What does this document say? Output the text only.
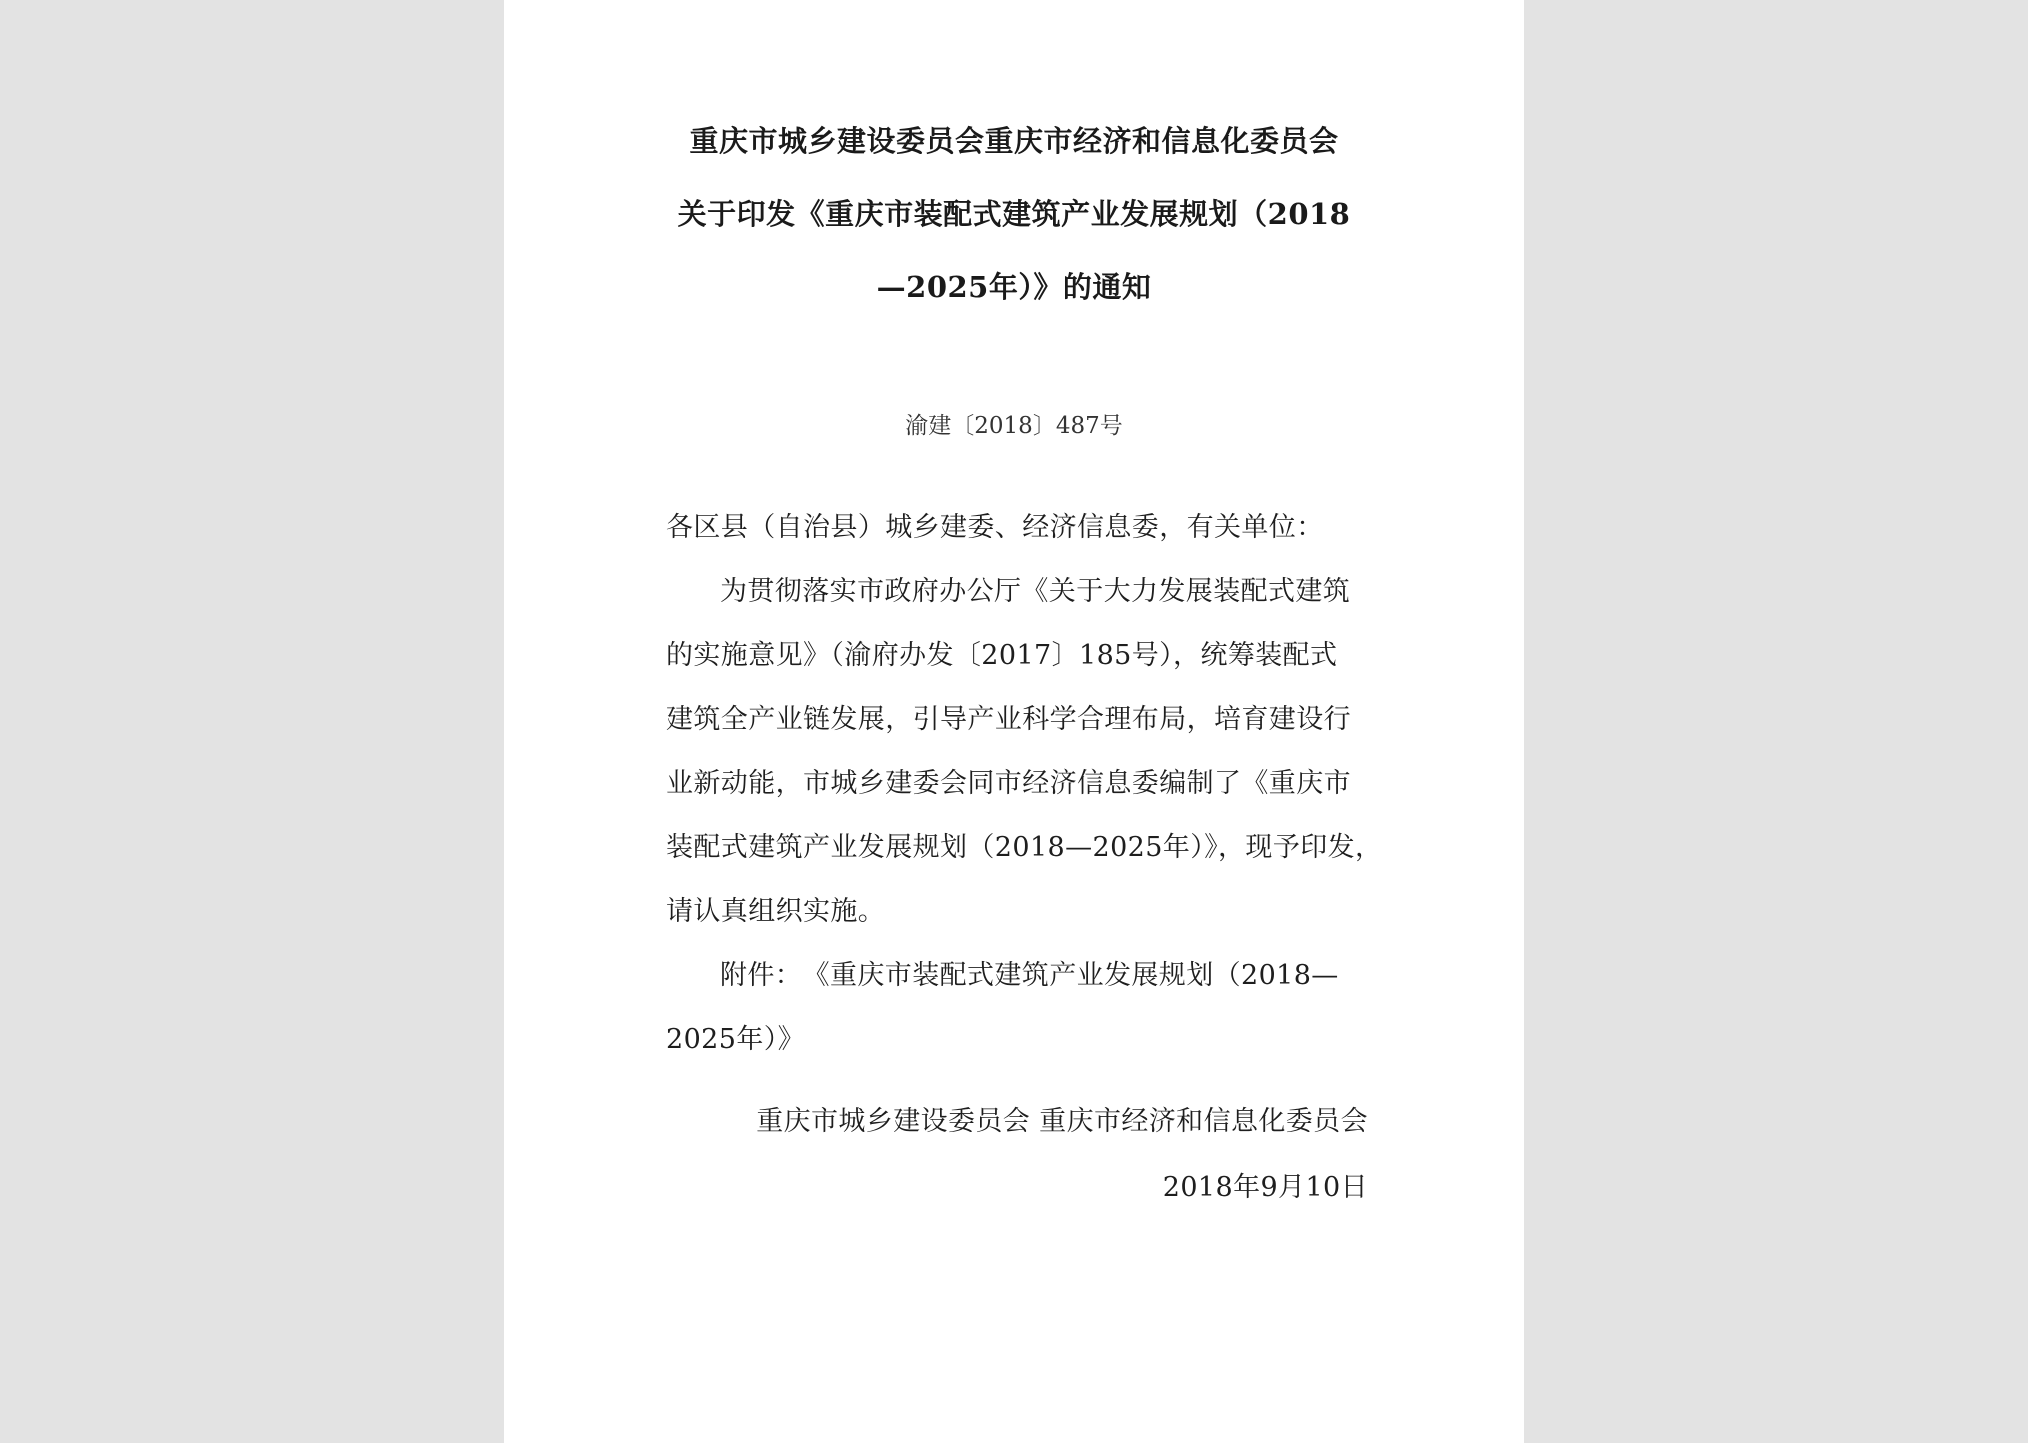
重庆市城乡建设委员会重庆市经济和信息化委员会
关于印发《重庆市装配式建筑产业发展规划（2018
—2025年）》的通知
渝建〔2018〕487号
各区县（自治县）城乡建委、经济信息委，有关单位：
为贯彻落实市政府办公厅《关于大力发展装配式建筑
的实施意见》（渝府办发〔2017〕185号），统筹装配式
建筑全产业链发展，引导产业科学合理布局，培育建设行
业新动能，市城乡建委会同市经济信息委编制了《重庆市
装配式建筑产业发展规划（2018—2025年）》，现予印发，
请认真组织实施。
附件：　《重庆市装配式建筑产业发展规划（2018—
2025年）》
重庆市城乡建设委员会 重庆市经济和信息化委员会
2018年9月10日
